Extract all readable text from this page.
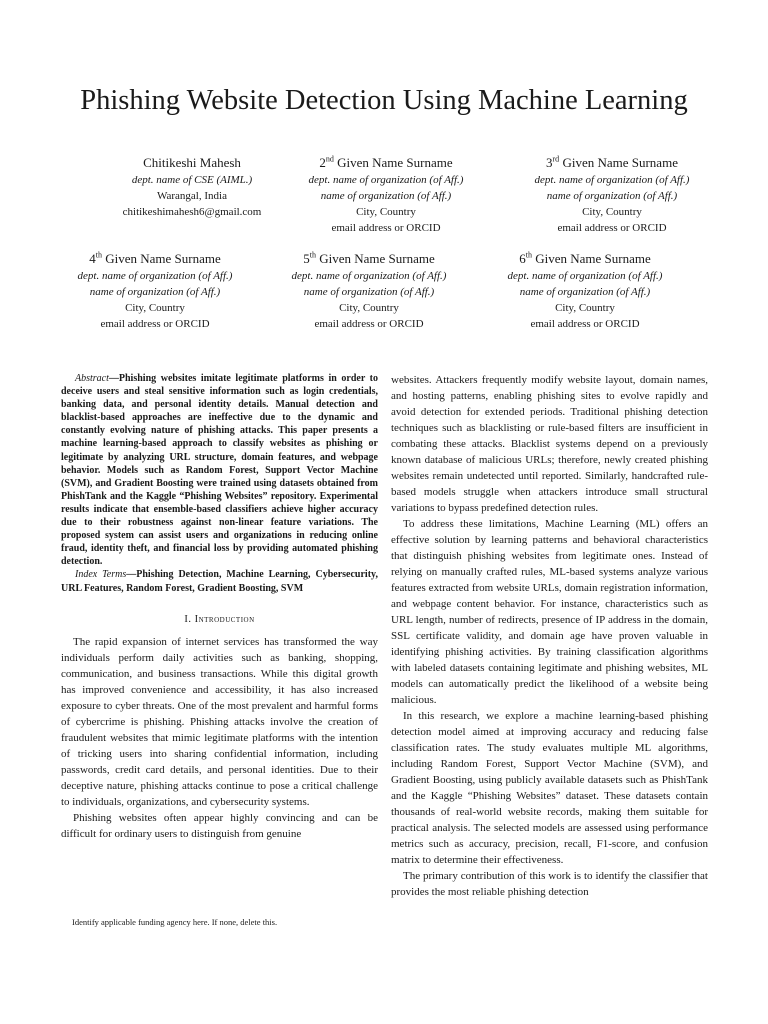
Phishing Website Detection Using Machine Learning
Chitikeshi Mahesh
dept. name of CSE (AIML.)
Warangal, India
chitikeshimahesh6@gmail.com
2nd Given Name Surname
dept. name of organization (of Aff.)
name of organization (of Aff.)
City, Country
email address or ORCID
3rd Given Name Surname
dept. name of organization (of Aff.)
name of organization (of Aff.)
City, Country
email address or ORCID
4th Given Name Surname
dept. name of organization (of Aff.)
name of organization (of Aff.)
City, Country
email address or ORCID
5th Given Name Surname
dept. name of organization (of Aff.)
name of organization (of Aff.)
City, Country
email address or ORCID
6th Given Name Surname
dept. name of organization (of Aff.)
name of organization (of Aff.)
City, Country
email address or ORCID

Abstract—Phishing websites imitate legitimate platforms in order to deceive users and steal sensitive information such as login credentials, banking data, and personal identity details. Manual detection and blacklist-based approaches are ineffective due to the dynamic and constantly evolving nature of phishing attacks. This paper presents a machine learning-based approach to classify websites as phishing or legitimate by analyzing URL structure, domain features, and webpage behavior. Models such as Random Forest, Support Vector Machine (SVM), and Gradient Boosting were trained using datasets obtained from PhishTank and the Kaggle “Phishing Websites” repository. Experimental results indicate that ensemble-based classifiers achieve higher accuracy due to their robustness against non-linear feature variations. The proposed system can assist users and organizations in reducing online fraud, identity theft, and financial loss by providing automated phishing detection.

Index Terms—Phishing Detection, Machine Learning, Cybersecurity, URL Features, Random Forest, Gradient Boosting, SVM

I. Introduction

The rapid expansion of internet services has transformed the way individuals perform daily activities such as banking, shopping, communication, and business transactions. While this digital growth has improved convenience and accessibility, it has also increased exposure to cyber threats. One of the most prevalent and harmful forms of cybercrime is phishing. Phishing attacks involve the creation of fraudulent websites that mimic legitimate platforms with the intention of tricking users into sharing confidential information, including passwords, credit card details, and personal identities. Due to their deceptive nature, phishing attacks continue to pose a critical challenge to individuals, organizations, and cybersecurity systems.

Phishing websites often appear highly convincing and can be difficult for ordinary users to distinguish from genuine

websites. Attackers frequently modify website layout, domain names, and hosting patterns, enabling phishing sites to evolve rapidly and avoid detection for extended periods. Traditional phishing detection techniques such as blacklisting or rule-based filters are insufficient in combating these attacks. Blacklist systems depend on a previously known database of malicious URLs; therefore, newly created phishing websites remain undetected until reported. Similarly, handcrafted rule-based models struggle when attackers introduce small structural variations to bypass predefined detection rules.

To address these limitations, Machine Learning (ML) offers an effective solution by learning patterns and behavioral characteristics that distinguish phishing websites from legitimate ones. Instead of relying on manually crafted rules, ML-based systems analyze various features extracted from website URLs, domain registration information, and webpage content behavior. For instance, characteristics such as URL length, number of redirects, presence of IP address in the domain, SSL certificate validity, and domain age have proven valuable in identifying phishing activities. By training classification algorithms with labeled datasets containing legitimate and phishing websites, ML models can automatically predict the likelihood of a website being malicious.

In this research, we explore a machine learning-based phishing detection model aimed at improving accuracy and reducing false classification rates. The study evaluates multiple ML algorithms, including Random Forest, Support Vector Machine (SVM), and Gradient Boosting, using publicly available datasets such as PhishTank and the Kaggle “Phishing Websites” dataset. These datasets contain thousands of real-world website records, making them suitable for practical analysis. The selected models are assessed using performance metrics such as accuracy, precision, recall, F1-score, and confusion matrix to determine their effectiveness.

The primary contribution of this work is to identify the classifier that provides the most reliable phishing detection

Identify applicable funding agency here. If none, delete this.
